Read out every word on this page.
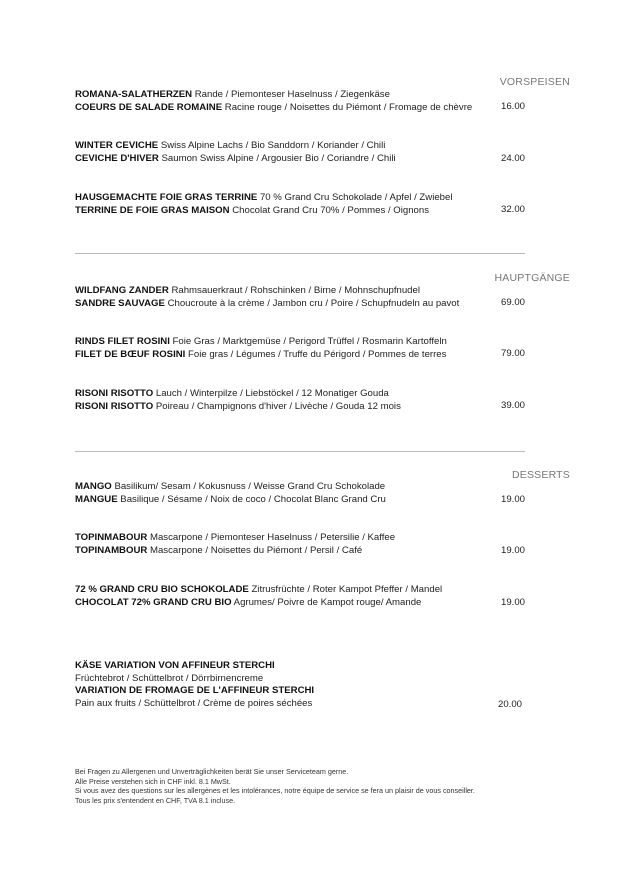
VORSPEISEN
ROMANA-SALATHERZEN Rande / Piemonteser Haselnuss / Ziegenkäse
COEURS DE SALADE ROMAINE Racine rouge / Noisettes du Piémont / Fromage de chèvre	16.00
WINTER CEVICHE Swiss Alpine Lachs / Bio Sanddorn / Koriander / Chili
CEVICHE D'HIVER Saumon Swiss Alpine / Argousier Bio / Coriandre / Chili	24.00
HAUSGEMACHTE FOIE GRAS TERRINE 70 % Grand Cru Schokolade / Apfel / Zwiebel
TERRINE DE FOIE GRAS MAISON Chocolat Grand Cru 70% / Pommes / Oignons	32.00
HAUPTGÄNGE
WILDFANG ZANDER Rahmsauerkraut / Rohschinken / Birne / Mohnschupfnudel
SANDRE SAUVAGE Choucroute à la crème / Jambon cru / Poire / Schupfnudeln au pavot	69.00
RINDS FILET ROSINI Foie Gras / Marktgemüse / Perigord Trüffel / Rosmarin Kartoffeln
FILET DE BŒUF ROSINI Foie gras / Légumes / Truffe du Périgord / Pommes de terres	79.00
RISONI RISOTTO Lauch / Winterpilze / Liebstöckel / 12 Monatiger Gouda
RISONI RISOTTO Poireau / Champignons d'hiver / Livèche / Gouda 12 mois	39.00
DESSERTS
MANGO Basilikum/ Sesam / Kokusnuss / Weisse Grand Cru Schokolade
MANGUE Basilique / Sésame / Noix de coco / Chocolat Blanc Grand Cru	19.00
TOPINMABOUR Mascarpone / Piemonteser Haselnuss / Petersilie / Kaffee
TOPINAMBOUR Mascarpone / Noisettes du Piémont / Persil / Café	19.00
72 % GRAND CRU BIO SCHOKOLADE Zitrusfrüchte / Roter Kampot Pfeffer / Mandel
CHOCOLAT 72% GRAND CRU BIO Agrumes/ Poivre de Kampot rouge/ Amande	19.00
KÄSE VARIATION VON AFFINEUR STERCHI
Früchtebrot / Schüttelbrot / Dörrbirnencreme
VARIATION DE FROMAGE DE L'AFFINEUR STERCHI
Pain aux fruits / Schüttelbrot / Crème de poires séchées	20.00
Bei Fragen zu Allergenen und Unverträglichkeiten berät Sie unser Serviceteam gerne.
Alle Preise verstehen sich in CHF inkl. 8.1 MwSt.
Si vous avez des questions sur les allergènes et les intolérances, notre équipe de service se fera un plaisir de vous conseiller.
Tous les prix s'entendent en CHF, TVA 8.1 incluse.
